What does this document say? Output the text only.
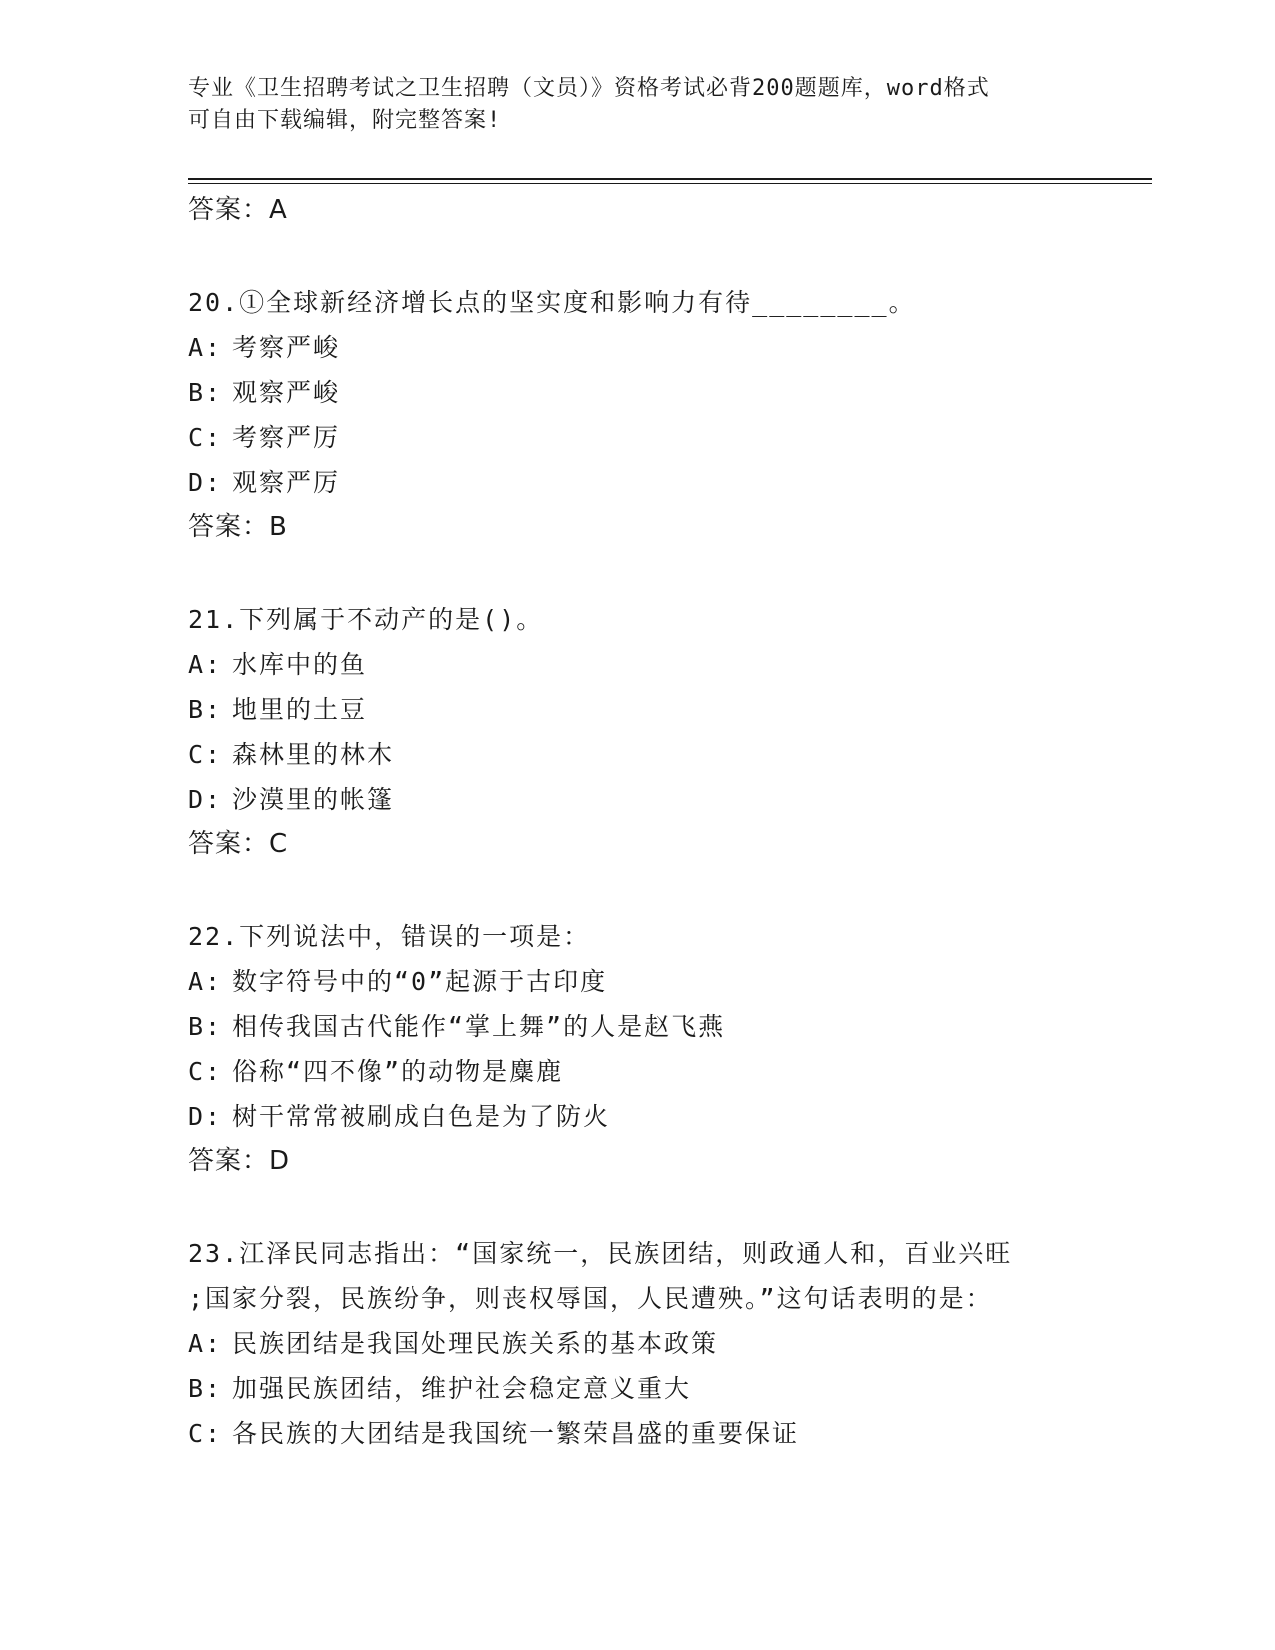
专业《卫生招聘考试之卫生招聘（文员）》资格考试必背200题题库，word格式
可自由下载编辑，附完整答案!
答案：A
20.①全球新经济增长点的坚实度和影响力有待________。
A: 考察严峻
B: 观察严峻
C: 考察严厉
D: 观察严厉
答案：B
21.下列属于不动产的是()。
A: 水库中的鱼
B: 地里的土豆
C: 森林里的林木
D: 沙漠里的帐篷
答案：C
22.下列说法中，错误的一项是：
A: 数字符号中的“0”起源于古印度
B: 相传我国古代能作“掌上舞”的人是赵飞燕
C: 俗称“四不像”的动物是麋鹿
D: 树干常常被刷成白色是为了防火
答案：D
23.江泽民同志指出：“国家统一，民族团结，则政通人和，百业兴旺
;国家分裂，民族纷争，则丧权辱国，人民遭殃。”这句话表明的是：
A: 民族团结是我国处理民族关系的基本政策
B: 加强民族团结，维护社会稳定意义重大
C: 各民族的大团结是我国统一繁荣昌盛的重要保证
